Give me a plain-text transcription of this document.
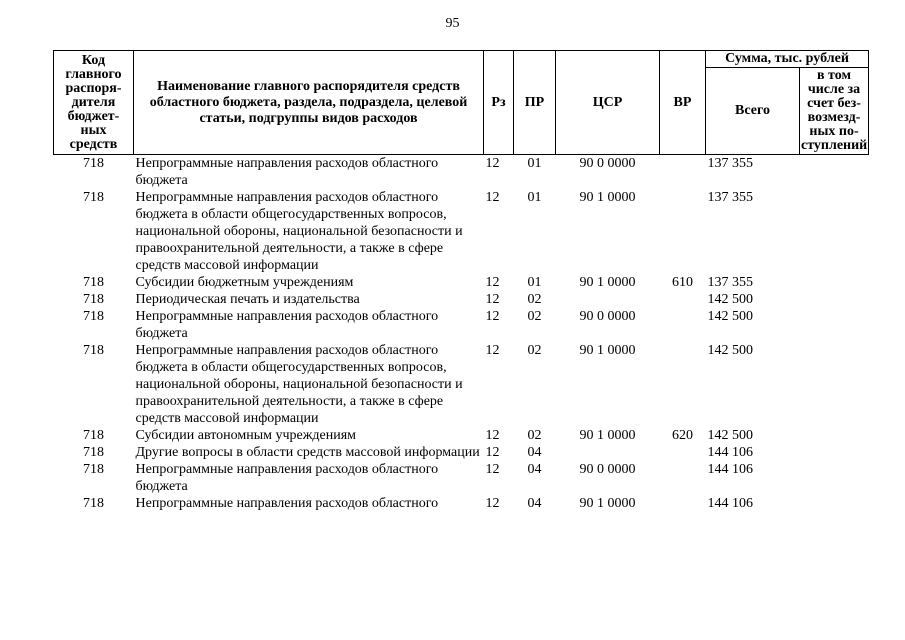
95
Код главного распоря-дителя бюджет-ных средств	Наименование главного распорядителя средств областного бюджета, раздела, подраздела, целевой статьи, подгруппы видов расходов	Рз	ПР	ЦСР	ВР	Сумма, тыс. рублей	
						Всего	в том числе за счет без-возмезд-ных по-ступлений
718	Непрограммные направления расходов областного бюджета	12	01	90 0 0000		137 355	
718	Непрограммные направления расходов областного бюджета в области общегосударственных вопросов, национальной обороны, национальной безопасности и правоохранительной деятельности, а также в сфере средств массовой информации	12	01	90 1 0000		137 355	
718	Субсидии бюджетным учреждениям	12	01	90 1 0000	610	137 355	
718	Периодическая печать и издательства	12	02			142 500	
718	Непрограммные направления расходов областного бюджета	12	02	90 0 0000		142 500	
718	Непрограммные направления расходов областного бюджета в области общегосударственных вопросов, национальной обороны, национальной безопасности и правоохранительной деятельности, а также в сфере средств массовой информации	12	02	90 1 0000		142 500	
718	Субсидии автономным учреждениям	12	02	90 1 0000	620	142 500	
718	Другие вопросы в области средств массовой информации	12	04			144 106	
718	Непрограммные направления расходов областного бюджета	12	04	90 0 0000		144 106	
718	Непрограммные направления расходов областного	12	04	90 1 0000		144 106	
